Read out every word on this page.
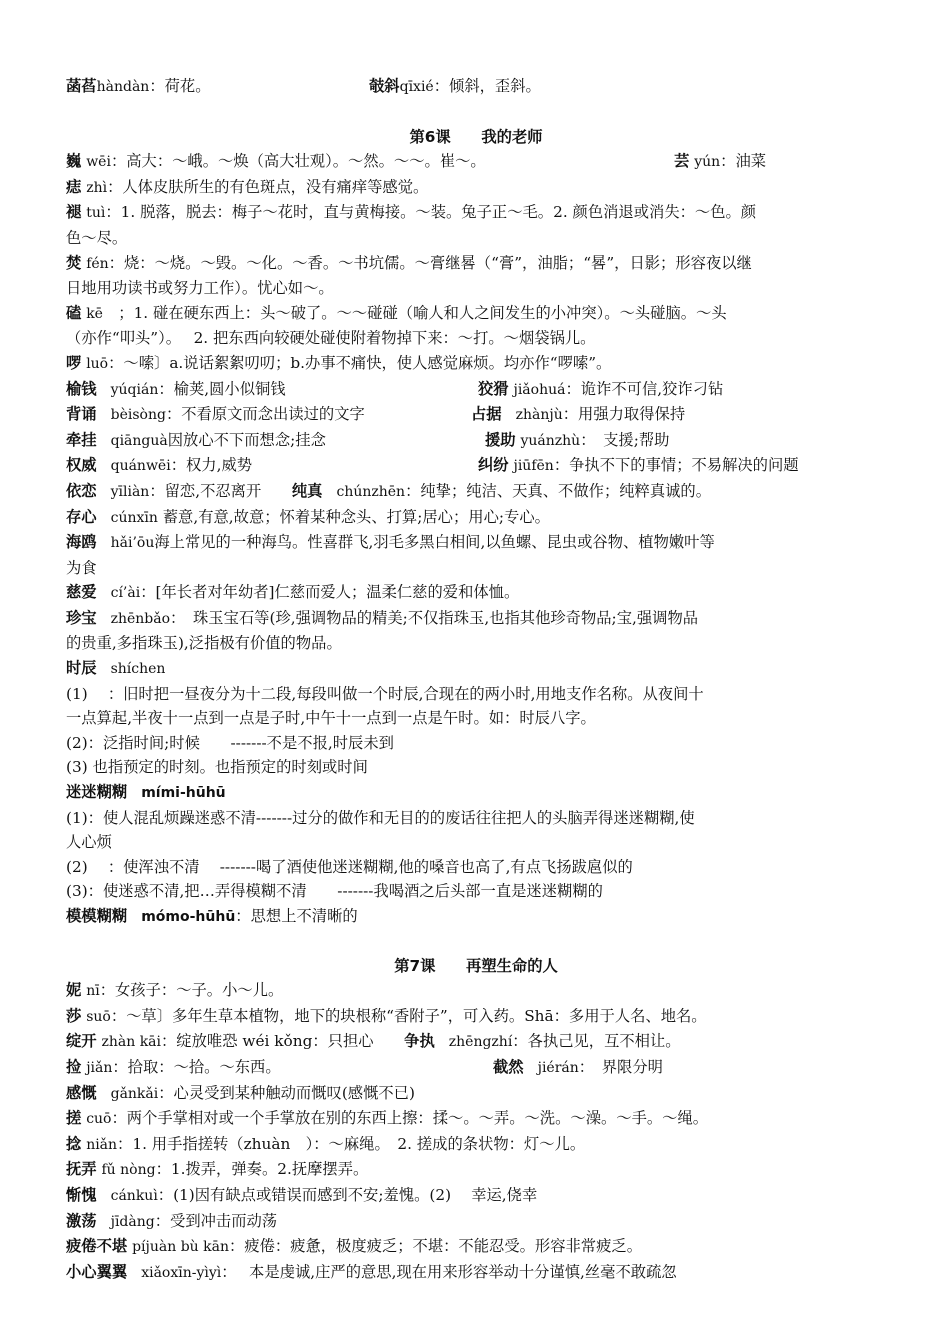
菡萏hàndàn：荷花。	攲斜qīxié：倾斜，歪斜。
第6课　　我的老师
巍 wēi：高大：～峨。～焕（高大壮观）。～然。～～。崔～。	芸 yún：油菜
痣 zhì：人体皮肤所生的有色斑点，没有痛痒等感觉。
褪 tuì：1. 脱落，脱去：梅子～花时，直与黄梅接。～装。兔子正～毛。2. 颜色消退或消失：～色。颜
色～尽。
焚 fén：烧：～烧。～毁。～化。～香。～书坑儒。～膏继晷（“膏”，油脂；“晷”，日影；形容夜以继
日地用功读书或努力工作）。忧心如～。
磕 kē　；1. 碰在硬东西上：头～破了。～～碰碰（喻人和人之间发生的小冲突）。～头碰脑。～头
（亦作“叩头”）。　 2. 把东西向较硬处碰使附着物掉下来：～打。～烟袋锅儿。
啰 luō：～嗦〕a.说话絮絮叨叨；b.办事不痛快，使人感觉麻烦。均亦作“啰嗦”。
榆钱　yúqián：榆荚,圆小似铜钱	狡猾 jiǎohuá：诡诈不可信,狡诈刁钻
背诵　bèisòng：不看原文而念出读过的文字	占据　zhànjù：用强力取得保持
牵挂　qiānguà因放心不下而想念;挂念	援助 yuánzhù：　支援;帮助
权威　quánwēi：权力,威势	纠纷 jiūfēn：争执不下的事情；不易解决的问题
依恋　yīliàn：留恋,不忍离开　　纯真　chúnzhēn：纯挚；纯洁、天真、不做作；纯粹真诚的。
存心　cúnxīn 蓄意,有意,故意；怀着某种念头、打算;居心；用心;专心。
海鸥　hǎi’ōu海上常见的一种海鸟。性喜群飞,羽毛多黑白相间,以鱼螺、昆虫或谷物、植物嫩叶等
为食
慈爱　cí’ài：[年长者对年幼者]仁慈而爱人；温柔仁慈的爱和体恤。
珍宝　zhēnbǎo：　珠玉宝石等(珍,强调物品的精美;不仅指珠玉,也指其他珍奇物品;宝,强调物品
的贵重,多指珠玉),泛指极有价值的物品。
时辰　shíchen
(1)　 ：旧时把一昼夜分为十二段,每段叫做一个时辰,合现在的两小时,用地支作名称。从夜间十
一点算起,半夜十一点到一点是子时,中午十一点到一点是午时。如：时辰八字。
(2)：泛指时间;时候　　-------不是不报,时辰未到
(3) 也指预定的时刻。也指预定的时刻或时间
迷迷糊糊　mími-hūhū
(1)：使人混乱烦躁迷惑不清-------过分的做作和无目的的废话往往把人的头脑弄得迷迷糊糊,使
人心烦
(2)　 ：使浑浊不清　 -------喝了酒使他迷迷糊糊,他的嗓音也高了,有点飞扬跋扈似的
(3)：使迷惑不清,把…弄得模糊不清　　-------我喝酒之后头部一直是迷迷糊糊的
模模糊糊　mómo-hūhū：思想上不清晰的
第7课　　再塑生命的人
妮 nī：女孩子：～子。小～儿。
莎 suō：～草〕多年生草本植物，地下的块根称“香附子”，可入药。Shā：多用于人名、地名。
绽开 zhàn kāi：绽放唯恐 wéi kǒng：只担心　　争执　zhēngzhí：各执己见，互不相让。
捡 jiǎn：拾取：～拾。～东西。	截然　jiérán：　界限分明
感慨　gǎnkǎi：心灵受到某种触动而慨叹(感慨不已)
搓 cuō：两个手掌相对或一个手掌放在别的东西上擦：揉～。～弄。～洗。～澡。～手。～绳。
捻 niǎn：1. 用手指搓转（zhuàn　）：～麻绳。　2. 搓成的条状物：灯～儿。
抚弄 fǔ nòng：1.拨弄，弹奏。2.抚摩摆弄。
惭愧　cánkuì：(1)因有缺点或错误而感到不安;羞愧。(2)　 幸运,侥幸
激荡　jīdàng：受到冲击而动荡
疲倦不堪 píjuàn bù kān：疲倦：疲惫，极度疲乏；不堪：不能忍受。形容非常疲乏。
小心翼翼　xiǎoxīn-yìyì：　 本是虔诚,庄严的意思,现在用来形容举动十分谨慎,丝毫不敢疏忽
